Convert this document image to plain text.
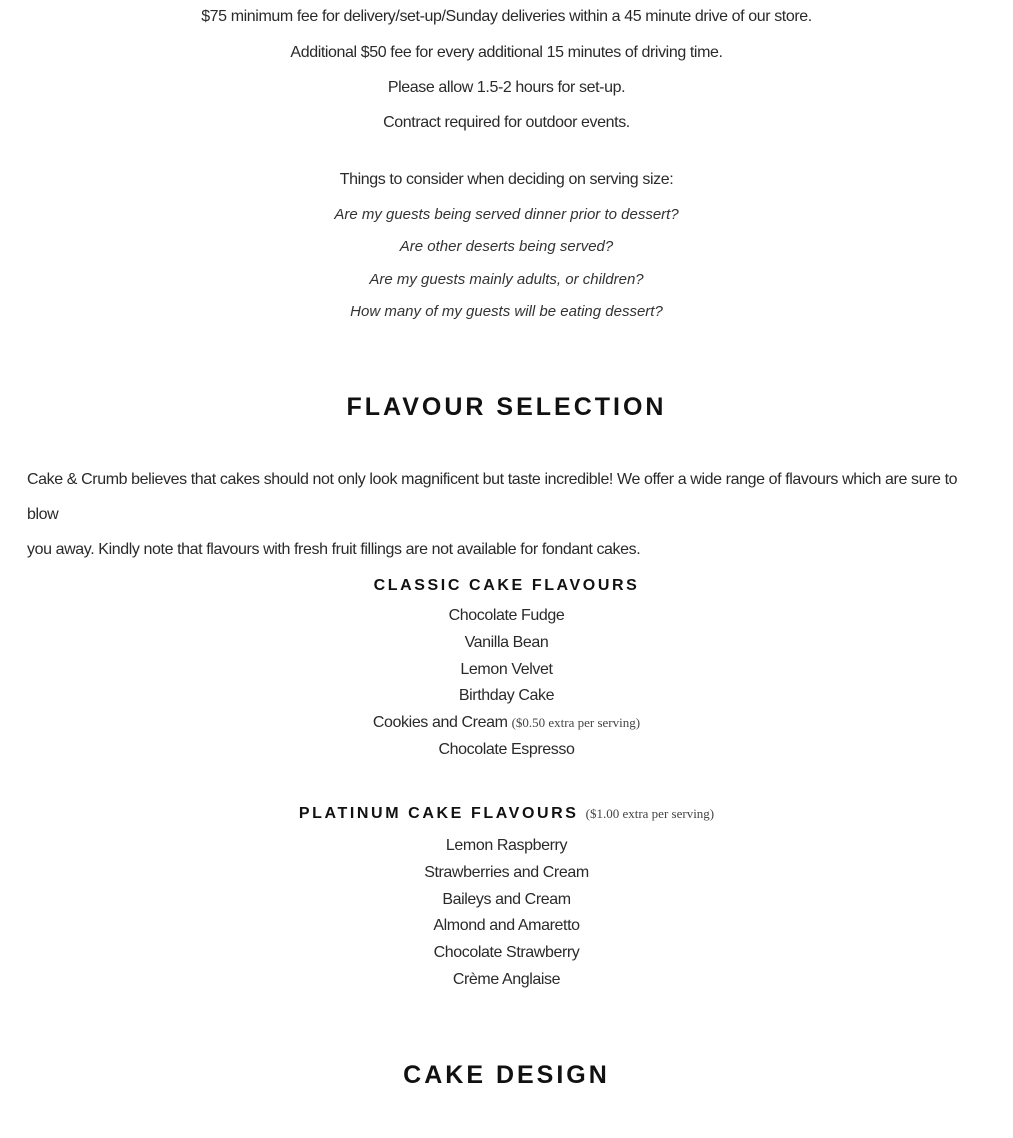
$75 minimum fee for delivery/set-up/Sunday deliveries within a 45 minute drive of our store.
Additional $50 fee for every additional 15 minutes of driving time.
Please allow 1.5-2 hours for set-up.
Contract required for outdoor events.
Things to consider when deciding on serving size:
Are my guests being served dinner prior to dessert?
Are other deserts being served?
Are my guests mainly adults, or children?
How many of my guests will be eating dessert?
FLAVOUR SELECTION

Cake & Crumb believes that cakes should not only look magnificent but taste incredible! We offer a wide range of flavours which are sure to blow
you away. Kindly note that flavours with fresh fruit fillings are not available for fondant cakes.

CLASSIC CAKE FLAVOURS
Chocolate Fudge
Vanilla Bean
Lemon Velvet
Birthday Cake
Cookies and Cream ($0.50 extra per serving)
Chocolate Espresso
PLATINUM CAKE FLAVOURS ($1.00 extra per serving)
Lemon Raspberry
Strawberries and Cream
Baileys and Cream
Almond and Amaretto
Chocolate Strawberry
Crème Anglaise
CAKE DESIGN
